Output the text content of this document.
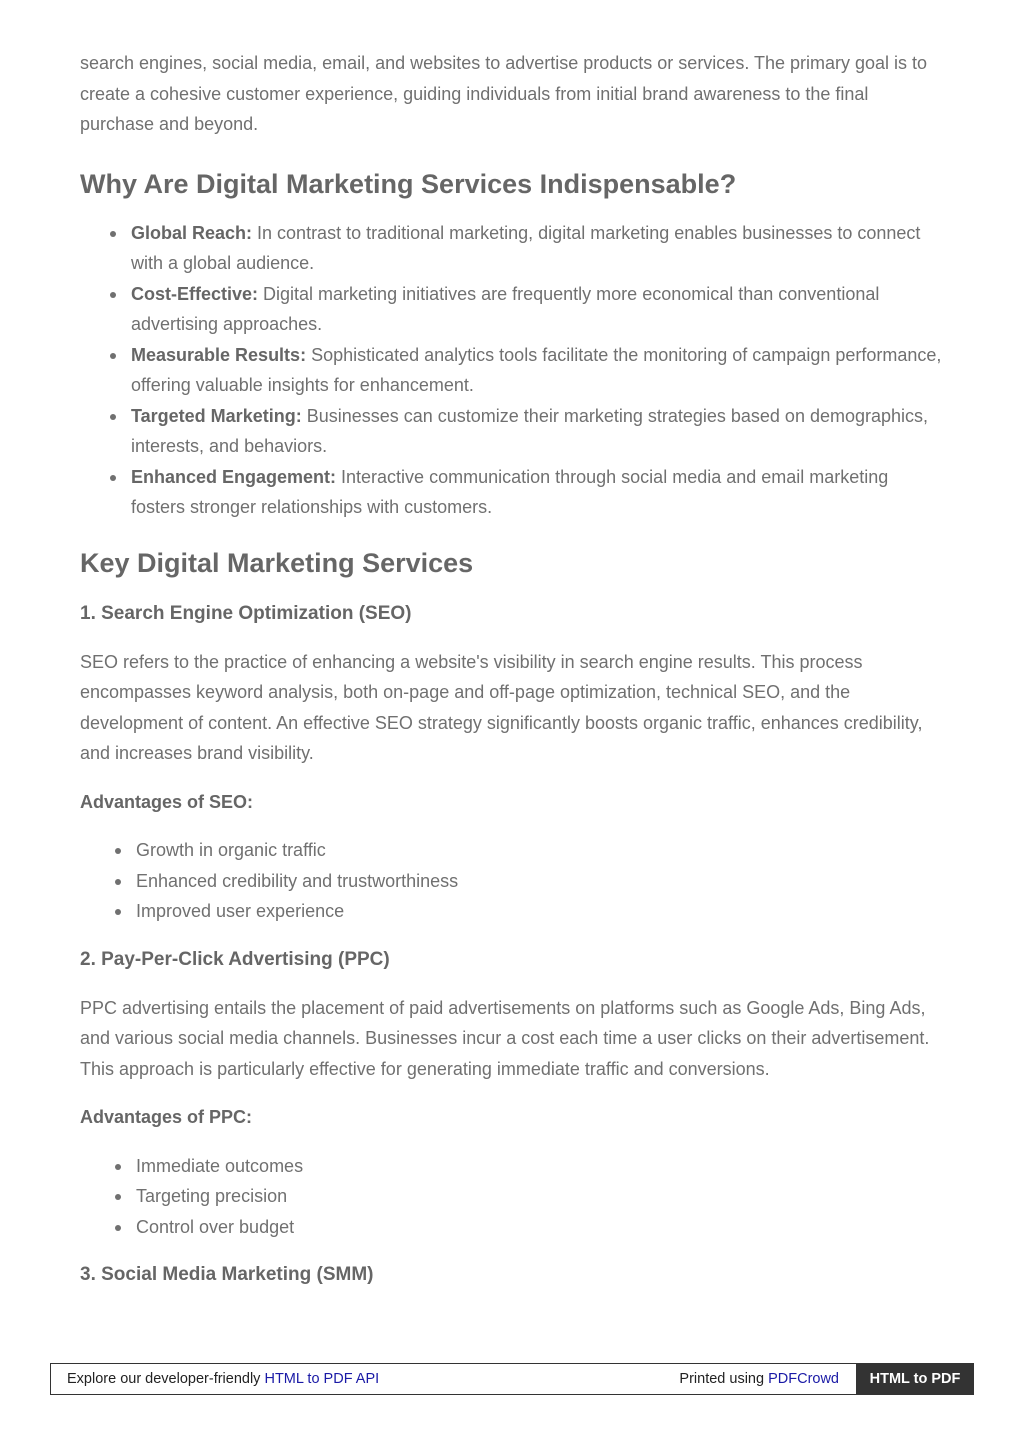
search engines, social media, email, and websites to advertise products or services. The primary goal is to create a cohesive customer experience, guiding individuals from initial brand awareness to the final purchase and beyond.

Why Are Digital Marketing Services Indispensable?
Global Reach: In contrast to traditional marketing, digital marketing enables businesses to connect with a global audience.
Cost-Effective: Digital marketing initiatives are frequently more economical than conventional advertising approaches.
Measurable Results: Sophisticated analytics tools facilitate the monitoring of campaign performance, offering valuable insights for enhancement.
Targeted Marketing: Businesses can customize their marketing strategies based on demographics, interests, and behaviors.
Enhanced Engagement: Interactive communication through social media and email marketing fosters stronger relationships with customers.
Key Digital Marketing Services
1. Search Engine Optimization (SEO)

SEO refers to the practice of enhancing a website's visibility in search engine results. This process encompasses keyword analysis, both on-page and off-page optimization, technical SEO, and the development of content. An effective SEO strategy significantly boosts organic traffic, enhances credibility, and increases brand visibility.

Advantages of SEO:

Growth in organic traffic
Enhanced credibility and trustworthiness
Improved user experience
2. Pay-Per-Click Advertising (PPC)

PPC advertising entails the placement of paid advertisements on platforms such as Google Ads, Bing Ads, and various social media channels. Businesses incur a cost each time a user clicks on their advertisement. This approach is particularly effective for generating immediate traffic and conversions.

Advantages of PPC:

Immediate outcomes
Targeting precision
Control over budget
3. Social Media Marketing (SMM)
Explore our developer-friendly HTML to PDF API	Printed using PDFCrowd	HTML to PDF
